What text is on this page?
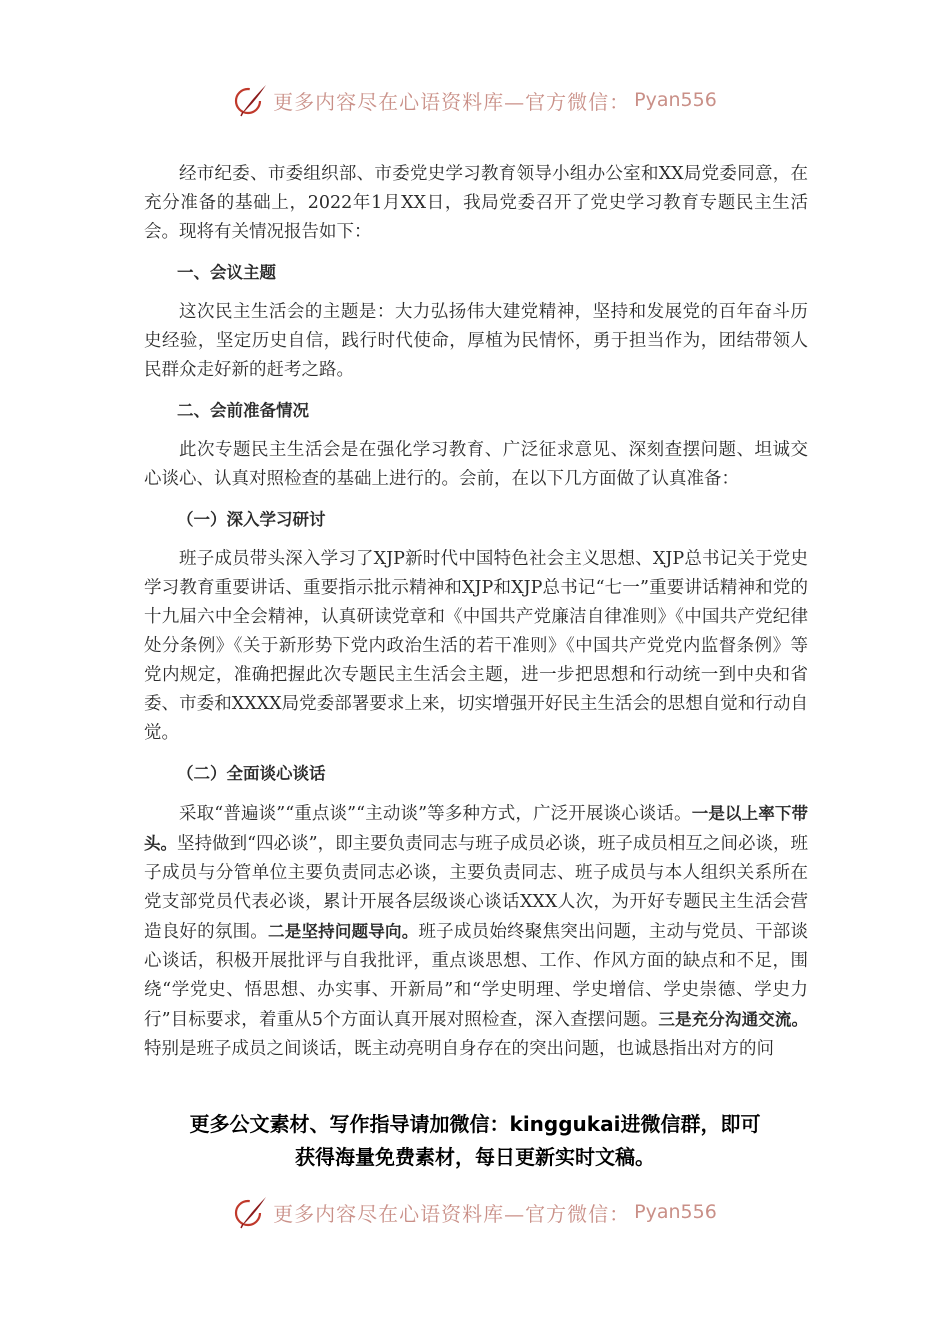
更多内容尽在心语资料库—官方微信： Pyan556

经市纪委、市委组织部、市委党史学习教育领导小组办公室和XX局党委同意，在充分准备的基础上，2022年1月XX日，我局党委召开了党史学习教育专题民主生活会。现将有关情况报告如下：

一、会议主题

这次民主生活会的主题是：大力弘扬伟大建党精神，坚持和发展党的百年奋斗历史经验，坚定历史自信，践行时代使命，厚植为民情怀，勇于担当作为，团结带领人民群众走好新的赶考之路。

二、会前准备情况

此次专题民主生活会是在强化学习教育、广泛征求意见、深刻查摆问题、坦诚交心谈心、认真对照检查的基础上进行的。会前，在以下几方面做了认真准备：

（一）深入学习研讨

班子成员带头深入学习了XJP新时代中国特色社会主义思想、XJP总书记关于党史学习教育重要讲话、重要指示批示精神和XJP和XJP总书记“七一”重要讲话精神和党的十九届六中全会精神，认真研读党章和《中国共产党廉洁自律准则》《中国共产党纪律处分条例》《关于新形势下党内政治生活的若干准则》《中国共产党党内监督条例》等党内规定，准确把握此次专题民主生活会主题，进一步把思想和行动统一到中央和省委、市委和XXXX局党委部署要求上来，切实增强开好民主生活会的思想自觉和行动自觉。

（二）全面谈心谈话

采取“普遍谈”“重点谈”“主动谈”等多种方式，广泛开展谈心谈话。一是以上率下带头。坚持做到“四必谈”，即主要负责同志与班子成员必谈，班子成员相互之间必谈，班子成员与分管单位主要负责同志必谈，主要负责同志、班子成员与本人组织关系所在党支部党员代表必谈，累计开展各层级谈心谈话XXX人次，为开好专题民主生活会营造良好的氛围。二是坚持问题导向。班子成员始终聚焦突出问题，主动与党员、干部谈心谈话，积极开展批评与自我批评，重点谈思想、工作、作风方面的缺点和不足，围绕“学党史、悟思想、办实事、开新局”和“学史明理、学史增信、学史崇德、学史力行”目标要求，着重从5个方面认真开展对照检查，深入查摆问题。三是充分沟通交流。特别是班子成员之间谈话，既主动亮明自身存在的突出问题，也诚恳指出对方的问

更多公文素材、写作指导请加微信：kinggukai进微信群，即可
获得海量免费素材，每日更新实时文稿。
更多内容尽在心语资料库—官方微信： Pyan556
